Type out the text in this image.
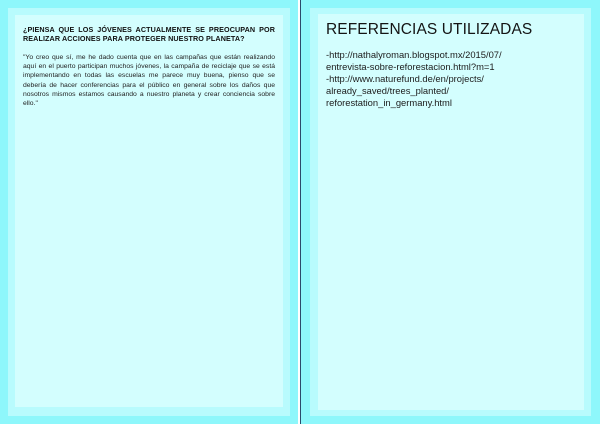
¿PIENSA QUE LOS JÓVENES ACTUALMENTE SE PREOCUPAN POR REALIZAR ACCIONES PARA PROTEGER NUESTRO PLANETA?

"Yo creo que sí, me he dado cuenta que en las campañas que están realizando aquí en el puerto participan muchos jóvenes, la campaña de reciclaje que se está implementando en todas las escuelas me parece muy buena, pienso que se debería de hacer conferencias para el público en general sobre los daños que nosotros mismos estamos causando a nuestro planeta y crear conciencia sobre ello."

REFERENCIAS UTILIZADAS

-http://nathalyroman.blogspot.mx/2015/07/

entrevista-sobre-reforestacion.html?m=1

-http://www.naturefund.de/en/projects/

already_saved/trees_planted/

reforestation_in_germany.html
